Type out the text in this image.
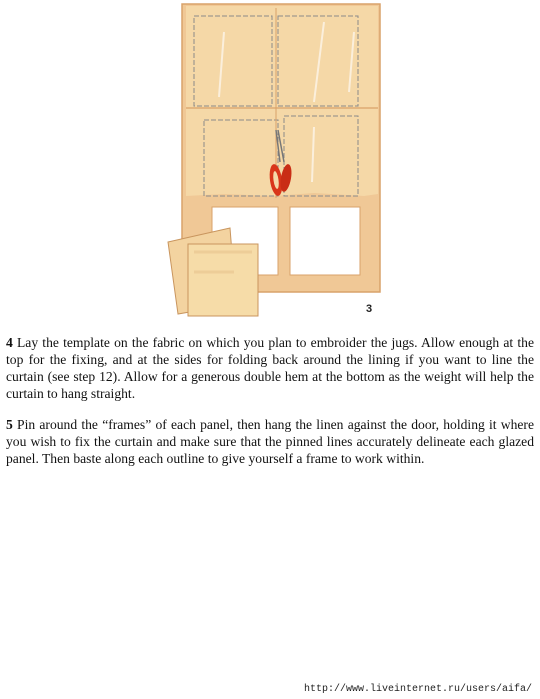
3

4 Lay the template on the fabric on which you plan to embroider the jugs. Allow enough at the top for the fixing, and at the sides for folding back around the lining if you want to line the curtain (see step 12). Allow for a generous double hem at the bottom as the weight will help the curtain to hang straight.

5 Pin around the “frames” of each panel, then hang the linen against the door, holding it where you wish to fix the curtain and make sure that the pinned lines accurately delineate each glazed panel. Then baste along each outline to give yourself a frame to work within.

http://www.liveinternet.ru/users/aifa/
